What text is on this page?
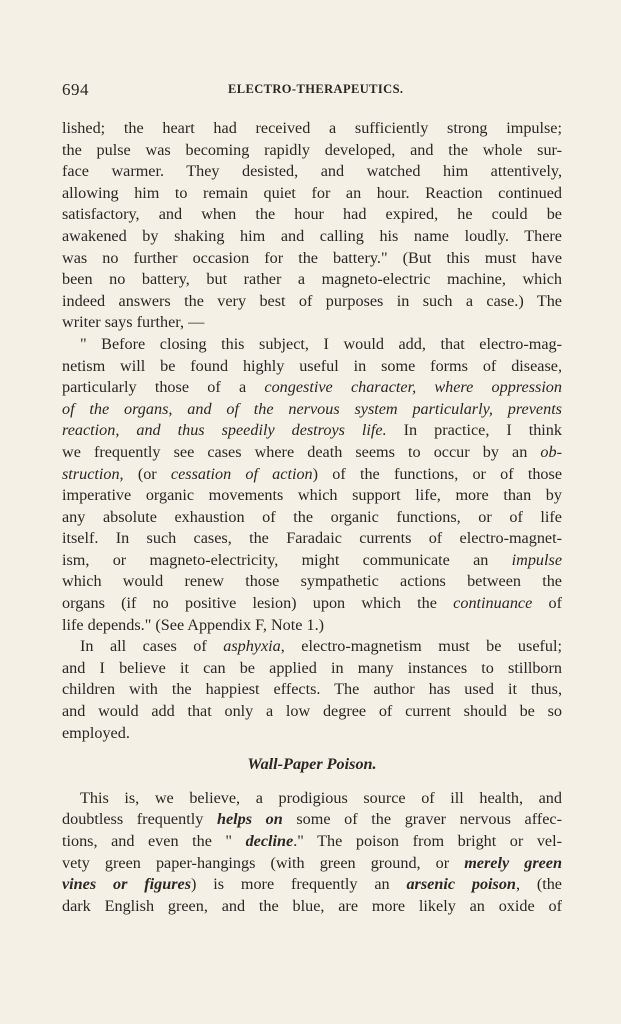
694	ELECTRO-THERAPEUTICS.
lished; the heart had received a sufficiently strong impulse;
the pulse was becoming rapidly developed, and the whole sur-
face warmer. They desisted, and watched him attentively,
allowing him to remain quiet for an hour. Reaction continued
satisfactory, and when the hour had expired, he could be
awakened by shaking him and calling his name loudly. There
was no further occasion for the battery." (But this must have
been no battery, but rather a magneto-electric machine, which
indeed answers the very best of purposes in such a case.) The
writer says further, —
" Before closing this subject, I would add, that electro-mag-
netism will be found highly useful in some forms of disease,
particularly those of a congestive character, where oppression
of the organs, and of the nervous system particularly, prevents
reaction, and thus speedily destroys life. In practice, I think
we frequently see cases where death seems to occur by an ob-
struction, (or cessation of action) of the functions, or of those
imperative organic movements which support life, more than by
any absolute exhaustion of the organic functions, or of life
itself. In such cases, the Faradaic currents of electro-magnet-
ism, or magneto-electricity, might communicate an impulse
which would renew those sympathetic actions between the
organs (if no positive lesion) upon which the continuance of
life depends." (See Appendix F, Note 1.)
In all cases of asphyxia, electro-magnetism must be useful;
and I believe it can be applied in many instances to stillborn
children with the happiest effects. The author has used it thus,
and would add that only a low degree of current should be so
employed.
Wall-Paper Poison.
This is, we believe, a prodigious source of ill health, and
doubtless frequently helps on some of the graver nervous affec-
tions, and even the " decline." The poison from bright or vel-
vety green paper-hangings (with green ground, or merely green
vines or figures) is more frequently an arsenic poison, (the
dark English green, and the blue, are more likely an oxide of
